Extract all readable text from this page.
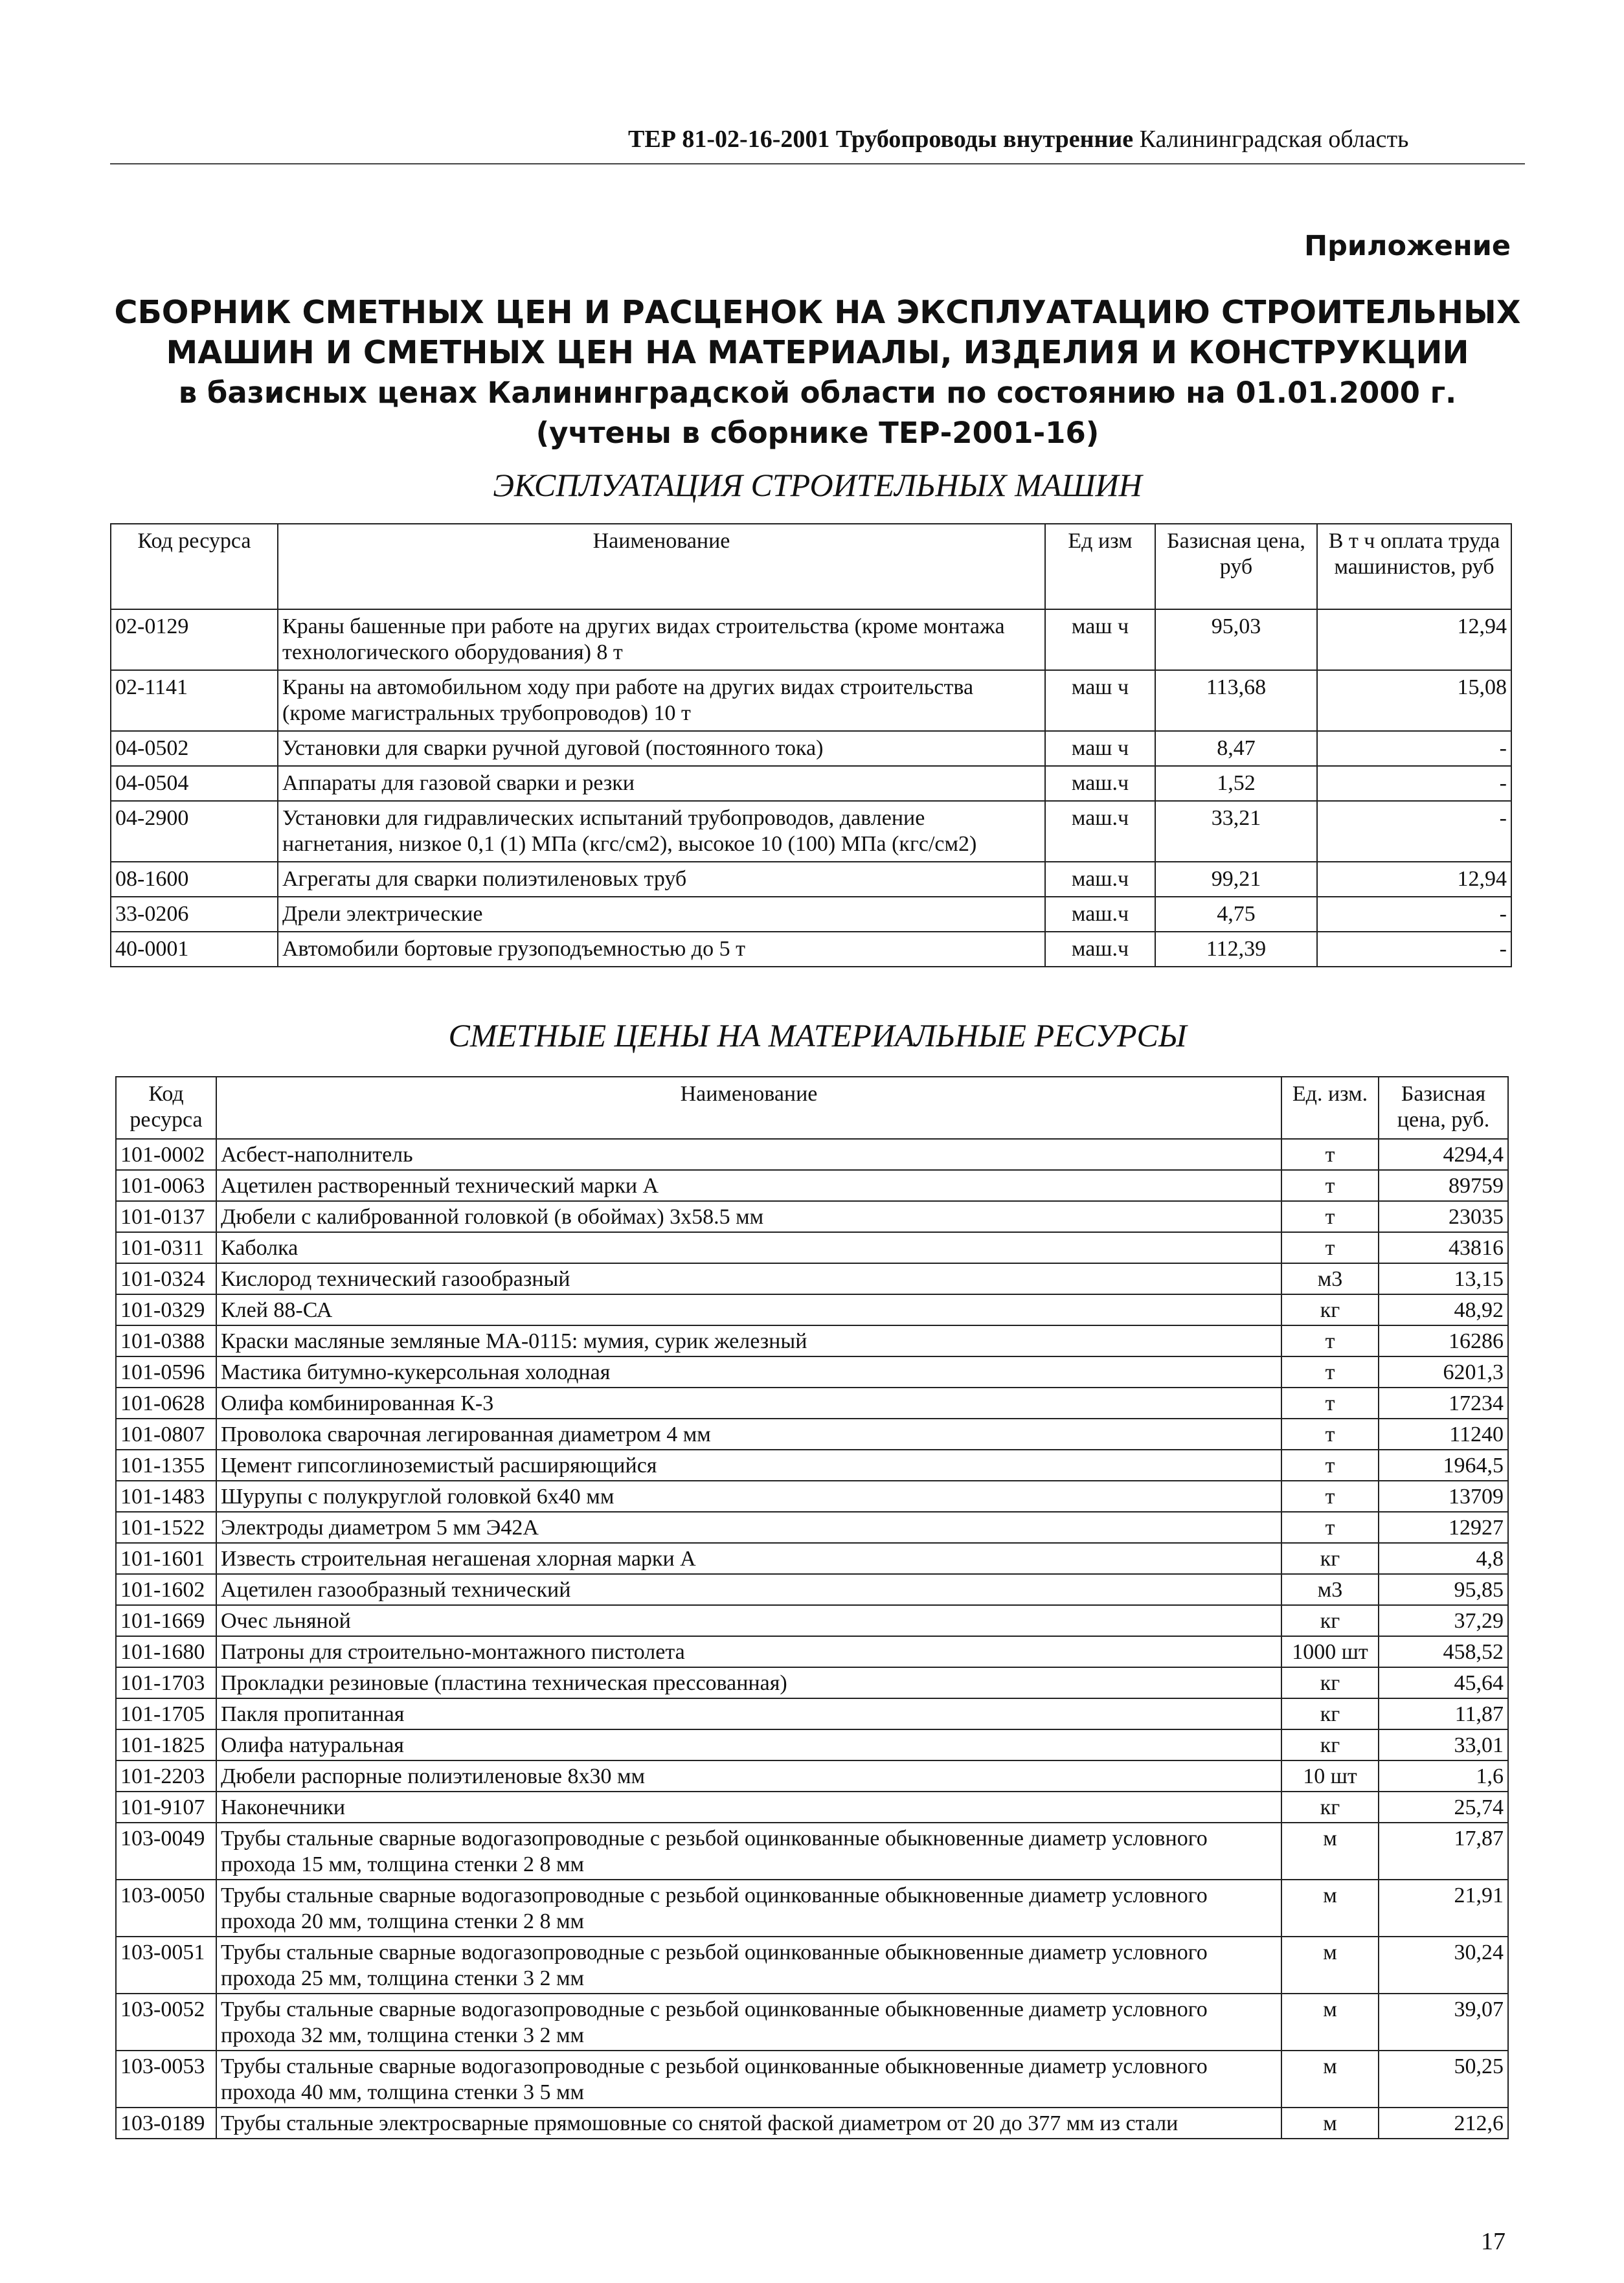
ТЕР 81-02-16-2001 Трубопроводы внутренние Калининградская область
Приложение
СБОРНИК СМЕТНЫХ ЦЕН И РАСЦЕНОК НА ЭКСПЛУАТАЦИЮ СТРОИТЕЛЬНЫХ
МАШИН И СМЕТНЫХ ЦЕН НА МАТЕРИАЛЫ, ИЗДЕЛИЯ И КОНСТРУКЦИИ
в базисных ценах Калининградской области по состоянию на 01.01.2000 г.
(учтены в сборнике ТЕР-2001-16)
ЭКСПЛУАТАЦИЯ СТРОИТЕЛЬНЫХ МАШИН
Код ресурса	Наименование	Ед изм	Базисная цена, руб	В т ч оплата труда машинистов, руб
02-0129	Краны башенные при работе на других видах строительства (кроме монтажа технологического оборудования) 8 т	маш ч	95,03	12,94
02-1141	Краны на автомобильном ходу при работе на других видах строительства (кроме магистральных трубопроводов) 10 т	маш ч	113,68	15,08
04-0502	Установки для сварки ручной дуговой (постоянного тока)	маш ч	8,47	-
04-0504	Аппараты для газовой сварки и резки	маш.ч	1,52	-
04-2900	Установки для гидравлических испытаний трубопроводов, давление нагнетания, низкое 0,1 (1) МПа (кгс/см2), высокое 10 (100) МПа (кгс/см2)	маш.ч	33,21	-
08-1600	Агрегаты для сварки полиэтиленовых труб	маш.ч	99,21	12,94
33-0206	Дрели электрические	маш.ч	4,75	-
40-0001	Автомобили бортовые грузоподъемностью до 5 т	маш.ч	112,39	-
СМЕТНЫЕ ЦЕНЫ НА МАТЕРИАЛЬНЫЕ РЕСУРСЫ
Код ресурса	Наименование	Ед. изм.	Базисная цена, руб.
101-0002	Асбест-наполнитель	т	4294,4
101-0063	Ацетилен растворенный технический марки А	т	89759
101-0137	Дюбели с калиброванной головкой (в обоймах) 3х58.5 мм	т	23035
101-0311	Каболка	т	43816
101-0324	Кислород технический газообразный	м3	13,15
101-0329	Клей 88-СА	кг	48,92
101-0388	Краски масляные земляные МА-0115: мумия, сурик железный	т	16286
101-0596	Мастика битумно-кукерсольная холодная	т	6201,3
101-0628	Олифа комбинированная К-3	т	17234
101-0807	Проволока сварочная легированная диаметром 4 мм	т	11240
101-1355	Цемент гипсоглиноземистый расширяющийся	т	1964,5
101-1483	Шурупы с полукруглой головкой 6х40 мм	т	13709
101-1522	Электроды диаметром 5 мм Э42А	т	12927
101-1601	Известь строительная негашеная хлорная марки А	кг	4,8
101-1602	Ацетилен газообразный технический	м3	95,85
101-1669	Очес льняной	кг	37,29
101-1680	Патроны для строительно-монтажного пистолета	1000 шт	458,52
101-1703	Прокладки резиновые (пластина техническая прессованная)	кг	45,64
101-1705	Пакля пропитанная	кг	11,87
101-1825	Олифа натуральная	кг	33,01
101-2203	Дюбели распорные полиэтиленовые 8х30 мм	10 шт	1,6
101-9107	Наконечники	кг	25,74
103-0049	Трубы стальные сварные водогазопроводные с резьбой оцинкованные обыкновенные диаметр условного прохода 15 мм, толщина стенки 2 8 мм	м	17,87
103-0050	Трубы стальные сварные водогазопроводные с резьбой оцинкованные обыкновенные диаметр условного прохода 20 мм, толщина стенки 2 8 мм	м	21,91
103-0051	Трубы стальные сварные водогазопроводные с резьбой оцинкованные обыкновенные диаметр условного прохода 25 мм, толщина стенки 3 2 мм	м	30,24
103-0052	Трубы стальные сварные водогазопроводные с резьбой оцинкованные обыкновенные диаметр условного прохода 32 мм, толщина стенки 3 2 мм	м	39,07
103-0053	Трубы стальные сварные водогазопроводные с резьбой оцинкованные обыкновенные диаметр условного прохода 40 мм, толщина стенки 3 5 мм	м	50,25
103-0189	Трубы стальные электросварные прямошовные со снятой фаской диаметром от 20 до 377 мм из стали	м	212,6
17
